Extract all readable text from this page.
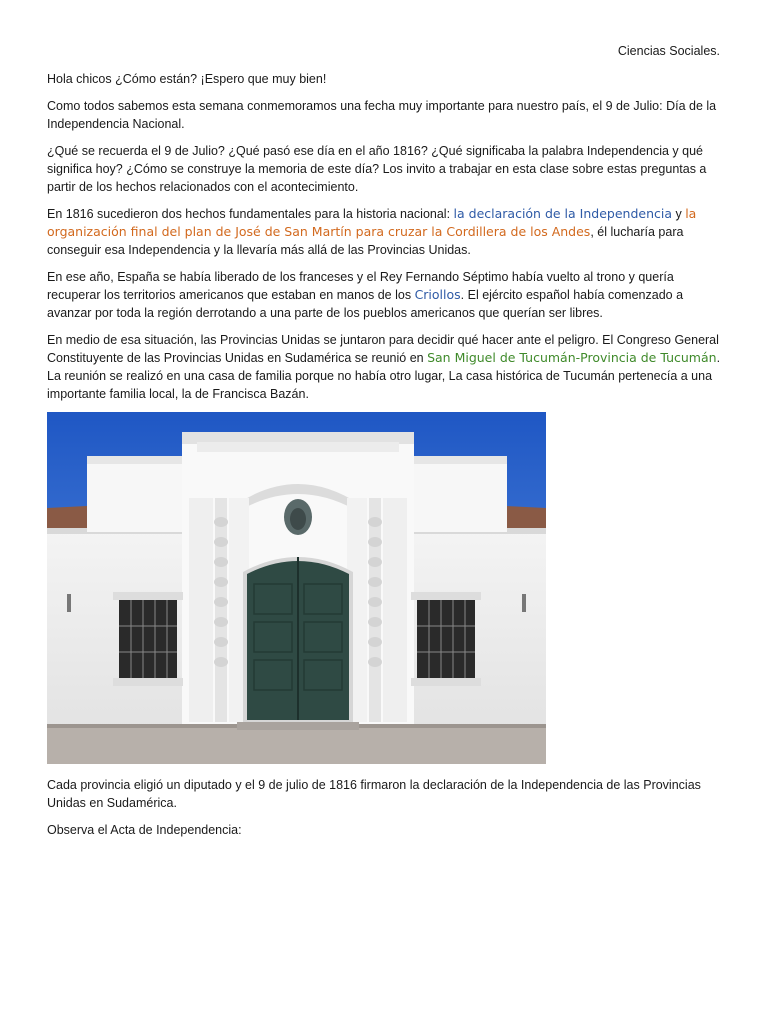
Ciencias Sociales.

Hola chicos ¿Cómo están? ¡Espero que muy bien!

Como todos sabemos esta semana conmemoramos una fecha muy importante para nuestro país, el 9 de Julio: Día de la Independencia Nacional.

¿Qué se recuerda el 9 de Julio? ¿Qué pasó ese día en el año 1816? ¿Qué significaba la palabra Independencia y qué significa hoy? ¿Cómo se construye la memoria de este día? Los invito a trabajar en esta clase sobre estas preguntas a partir de los hechos relacionados con el acontecimiento.

En 1816 sucedieron dos hechos fundamentales para la historia nacional: la declaración de la Independencia y la organización final del plan de José de San Martín para cruzar la Cordillera de los Andes, él lucharía para conseguir esa Independencia y la llevaría más allá de las Provincias Unidas.

En ese año, España se había liberado de los franceses y el Rey Fernando Séptimo había vuelto al trono y quería recuperar los territorios americanos que estaban en manos de los Criollos. El ejército español había comenzado a avanzar por toda la región derrotando a una parte de los pueblos americanos que querían ser libres.

En medio de esa situación, las Provincias Unidas se juntaron para decidir qué hacer ante el peligro. El Congreso General Constituyente de las Provincias Unidas en Sudamérica se reunió en San Miguel de Tucumán-Provincia de Tucumán. La reunión se realizó en una casa de familia porque no había otro lugar, La casa histórica de Tucumán pertenecía a una importante familia local, la de Francisca Bazán.

Cada provincia eligió un diputado y el 9 de julio de 1816 firmaron la declaración de la Independencia de las Provincias Unidas en Sudamérica.

Observa el Acta de Independencia:
